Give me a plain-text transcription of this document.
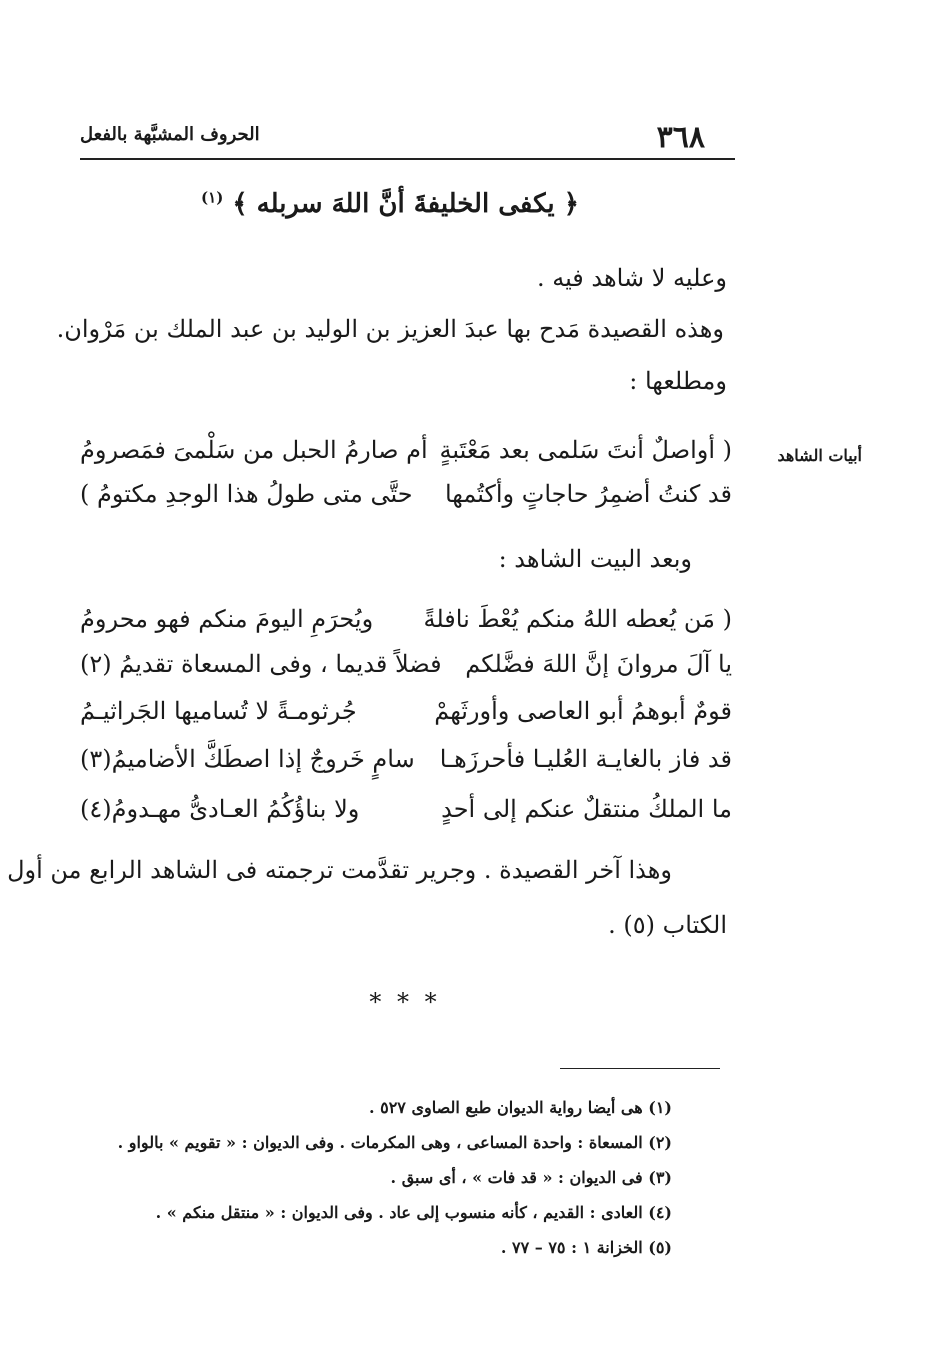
٣٦٨
الحروف المشبَّهة بالفعل
﴿ يكفى الخليفةَ أنَّ اللهَ سربله ﴾ $^{(١)}$
وعليه لا شاهد فيه .
وهذه القصيدة مَدح بها عبدَ العزيز بن الوليد بن عبد الملك بن مَرْوان.
ومطلعها :
أبيات الشاهد
( أواصلٌ أنتَ سَلمى بعد مَعْتَبةٍ
أم صارمُ الحبل من سَلْمىَ فمَصرومُ
قد كنتُ أضمِرُ حاجاتٍ وأكتُمها
حتَّى متى طولُ هذا الوجدِ مكتومُ )
وبعد البيت الشاهد :
( مَن يُعطه اللهُ منكم يُعْطَ نافلةً
ويُحرَمِ اليومَ منكم فهو محرومُ
يا آلَ مروانَ إنَّ اللهَ فضَّلكم
فضلاً قديما ، وفى المسعاة تقديمُ (٢)
قومٌ أبوهمُ أبو العاصى وأورثَهمْ
جُرثومـةً لا تُساميها الجَراثيـمُ
قد فاز بالغايـة العُليـا فأحرزَهـا
سامٍ خَروجٌ إذا اصطَكَّ الأضاميمُ(٣)
ما الملكُ منتقلٌ عنكم إلى أحدٍ
ولا بناؤُكُمُ العـادىُّ مهـدومُ(٤)
وهذا آخر القصيدة . وجرير تقدَّمت ترجمته فى الشاهد الرابع من أول
الكتاب (٥) .
* * *
(١) هى أيضا رواية الديوان طبع الصاوى ٥٢٧ .
(٢) المسعاة : واحدة المساعى ، وهى المكرمات . وفى الديوان : « تقويم » بالواو .
(٣) فى الديوان : « قد فات » ، أى سبق .
(٤) العادى : القديم ، كأنه منسوب إلى عاد . وفى الديوان : « منتقل منكم » .
(٥) الخزانة ١ : ٧٥ – ٧٧ .
